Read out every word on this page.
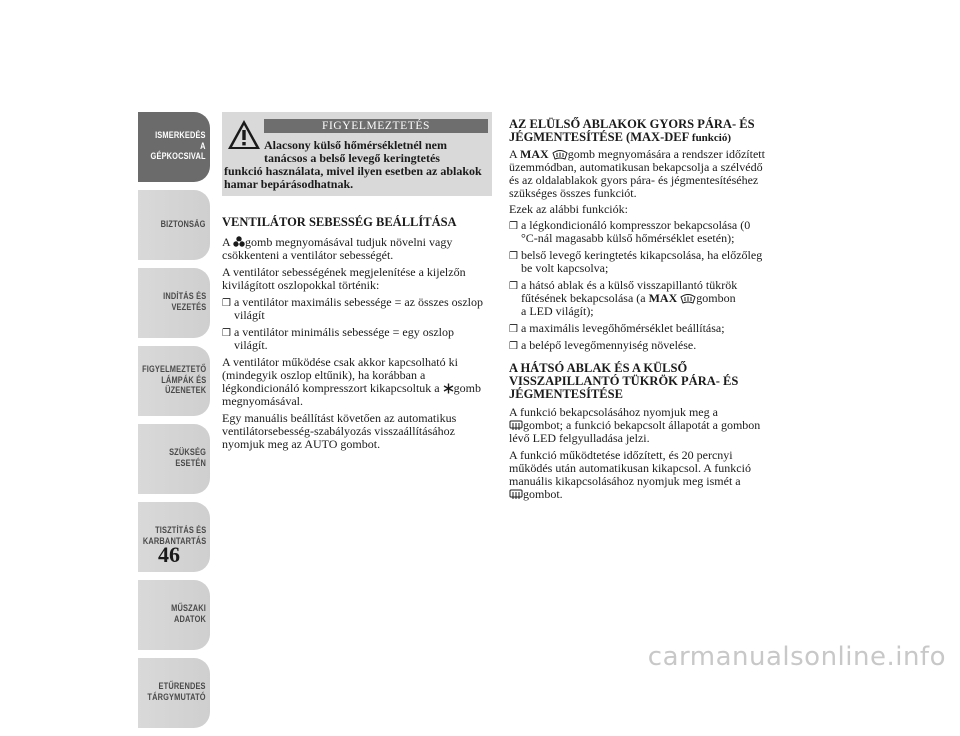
ISMERKEDÉS A
GÉPKOCSIVAL
BIZTONSÁG
INDÍTÁS ÉS
VEZETÉS
FIGYELMEZTETŐ
LÁMPÁK ÉS
ÜZENETEK
SZÜKSÉG ESETÉN
TISZTÍTÁS ÉS
KARBANTARTÁS
MŰSZAKI ADATOK
ETŰRENDES
TÁRGYMUTATÓ
46
FIGYELMEZTETÉS
Alacsony külső hőmérsékletnél nem
tanácsos a belső levegő keringtetés
funkció használata, mivel ilyen esetben az ablakok
hamar bepárásodhatnak.
VENTILÁTOR SEBESSÉG BEÁLLÍTÁSA

A gomb megnyomásával tudjuk növelni vagy

csökkenteni a ventilátor sebességét.

A ventilátor sebességének megjelenítése a kijelzőn

kivilágított oszlopokkal történik:

❒ a ventilátor maximális sebessége = az összes oszlop

világít

❒ a ventilátor minimális sebessége = egy oszlop

világít.

A ventilátor működése csak akkor kapcsolható ki

(mindegyik oszlop eltűnik), ha korábban a

légkondicionáló kompresszort kikapcsoltuk a gomb

megnyomásával.

Egy manuális beállítást követően az automatikus

ventilátorsebesség-szabályozás visszaállításához

nyomjuk meg az AUTO gombot.

AZ ELÜLSŐ ABLAKOK GYORS PÁRA- ÉS
JÉGMENTESÍTÉSE (MAX-DEF funkció)

A MAX gomb megnyomására a rendszer időzített

üzemmódban, automatikusan bekapcsolja a szélvédő

és az oldalablakok gyors pára- és jégmentesítéséhez

szükséges összes funkciót.

Ezek az alábbi funkciók:

❒ a légkondicionáló kompresszor bekapcsolása (0

°C-nál magasabb külső hőmérséklet esetén);

❒ belső levegő keringtetés kikapcsolása, ha előzőleg

be volt kapcsolva;

❒ a hátsó ablak és a külső visszapillantó tükrök

fűtésének bekapcsolása (a MAX gombon

a LED világít);

❒ a maximális levegőhőmérséklet beállítása;

❒ a belépő levegőmennyiség növelése.

A HÁTSÓ ABLAK ÉS A KÜLSŐ
VISSZAPILLANTÓ TÜKRÖK PÁRA- ÉS
JÉGMENTESÍTÉSE

A funkció bekapcsolásához nyomjuk meg a

gombot; a funkció bekapcsolt állapotát a gombon

lévő LED felgyulladása jelzi.

A funkció működtetése időzített, és 20 percnyi

működés után automatikusan kikapcsol. A funkció

manuális kikapcsolásához nyomjuk meg ismét a

gombot.

carmanualsonline.info
